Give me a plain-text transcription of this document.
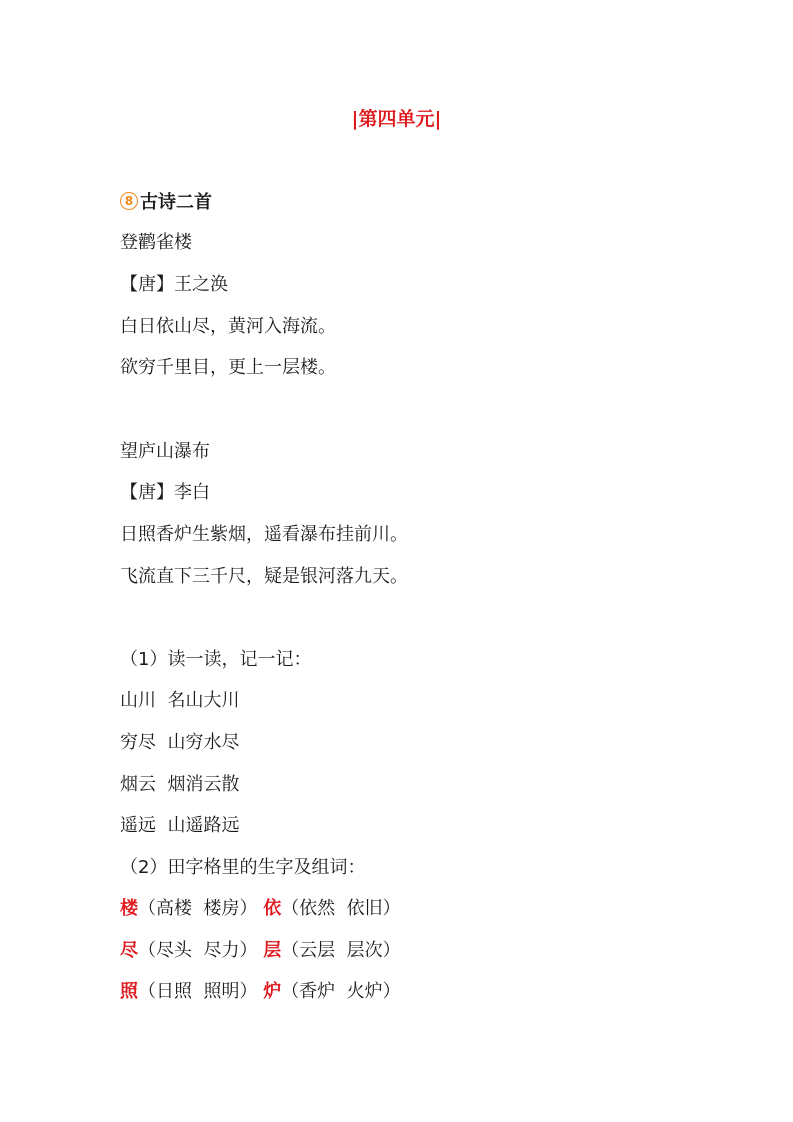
|第四单元|
8 古诗二首
登鹳雀楼
【唐】王之涣
白日依山尽，黄河入海流。
欲穷千里目，更上一层楼。
望庐山瀑布
【唐】李白
日照香炉生紫烟，遥看瀑布挂前川。
飞流直下三千尺，疑是银河落九天。
（1）读一读，记一记：
山川  名山大川
穷尽  山穷水尽
烟云  烟消云散
遥远  山遥路远
（2）田字格里的生字及组词：
楼（高楼  楼房） 依（依然  依旧）
尽（尽头  尽力） 层（云层  层次）
照（日照  照明） 炉（香炉  火炉）
